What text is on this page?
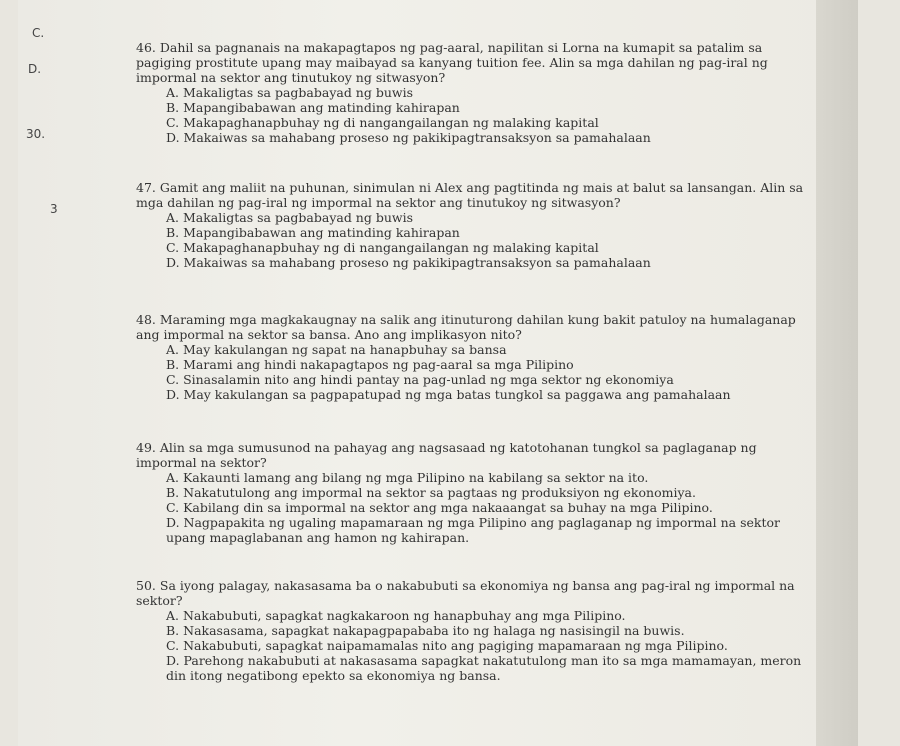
C.
D.
30.
3
46. Dahil sa pagnanais na makapagtapos ng pag-aaral, napilitan si Lorna na kumapit sa patalim sa pagiging prostitute upang may maibayad sa kanyang tuition fee. Alin sa mga dahilan ng pag-iral ng impormal na sektor ang tinutukoy ng sitwasyon?
A. Makaligtas sa pagbabayad ng buwis
B. Mapangibabawan ang matinding kahirapan
C. Makapaghanapbuhay ng di nangangailangan ng malaking kapital
D. Makaiwas sa mahabang proseso ng pakikipagtransaksyon sa pamahalaan
47. Gamit ang maliit na puhunan, sinimulan ni Alex ang pagtitinda ng mais at balut sa lansangan. Alin sa mga dahilan ng pag-iral ng impormal na sektor ang tinutukoy ng sitwasyon?
A. Makaligtas sa pagbabayad ng buwis
B. Mapangibabawan ang matinding kahirapan
C. Makapaghanapbuhay ng di nangangailangan ng malaking kapital
D. Makaiwas sa mahabang proseso ng pakikipagtransaksyon sa pamahalaan
48. Maraming mga magkakaugnay na salik ang itinuturong dahilan kung bakit patuloy na humalaganap ang impormal na sektor sa bansa. Ano ang implikasyon nito?
A. May kakulangan ng sapat na hanapbuhay sa bansa
B. Marami ang hindi nakapagtapos ng pag-aaral sa mga Pilipino
C. Sinasalamin nito ang hindi pantay na pag-unlad ng mga sektor ng ekonomiya
D. May kakulangan sa pagpapatupad ng mga batas tungkol sa paggawa ang pamahalaan
49. Alin sa mga sumusunod na pahayag ang nagsasaad ng katotohanan tungkol sa paglaganap ng impormal na sektor?
A. Kakaunti lamang ang bilang ng mga Pilipino na kabilang sa sektor na ito.
B. Nakatutulong ang impormal na sektor sa pagtaas ng produksiyon ng ekonomiya.
C. Kabilang din sa impormal na sektor ang mga nakaaangat sa buhay na mga Pilipino.
D. Nagpapakita ng ugaling mapamaraan ng mga Pilipino ang paglaganap ng impormal na sektor upang mapaglabanan ang hamon ng kahirapan.
50. Sa iyong palagay, nakasasama ba o nakabubuti sa ekonomiya ng bansa ang pag-iral ng impormal na sektor?
A. Nakabubuti, sapagkat nagkakaroon ng hanapbuhay ang mga Pilipino.
B. Nakasasama, sapagkat nakapagpapababa ito ng halaga ng nasisingil na buwis.
C. Nakabubuti, sapagkat naipamamalas nito ang pagiging mapamaraan ng mga Pilipino.
D. Parehong nakabubuti at nakasasama sapagkat nakatutulong man ito sa mga mamamayan, meron din itong negatibong epekto sa ekonomiya ng bansa.
